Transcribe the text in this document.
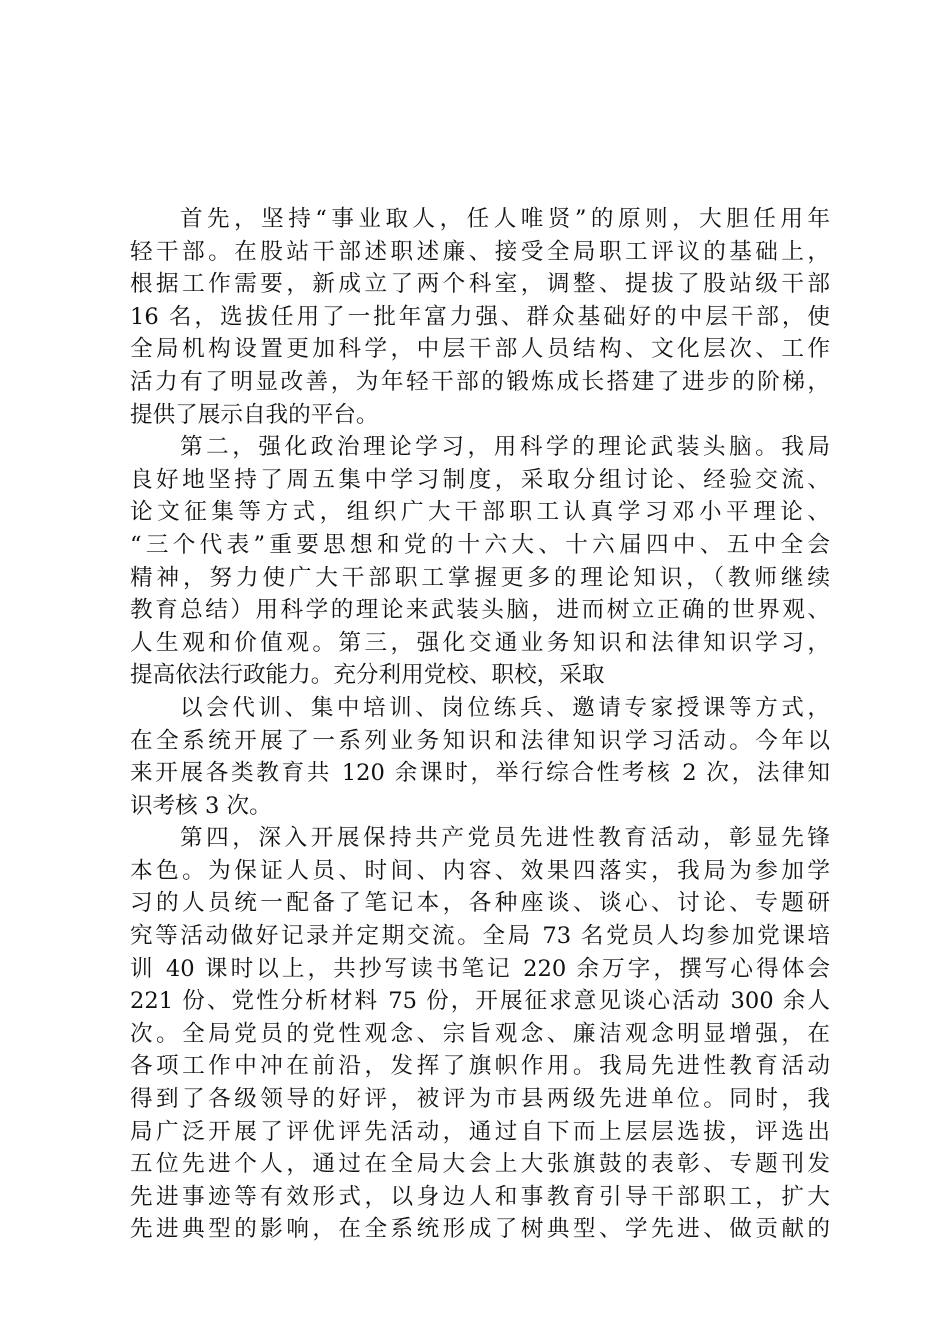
首先，坚持“事业取人，任人唯贤”的原则，大胆任用年
轻干部。在股站干部述职述廉、接受全局职工评议的基础上，
根据工作需要，新成立了两个科室，调整、提拔了股站级干部
16 名，选拔任用了一批年富力强、群众基础好的中层干部，使
全局机构设置更加科学，中层干部人员结构、文化层次、工作
活力有了明显改善，为年轻干部的锻炼成长搭建了进步的阶梯，
提供了展示自我的平台。
第二，强化政治理论学习，用科学的理论武装头脑。我局
良好地坚持了周五集中学习制度，采取分组讨论、经验交流、
论文征集等方式，组织广大干部职工认真学习邓小平理论、
“三个代表”重要思想和党的十六大、十六届四中、五中全会
精神，努力使广大干部职工掌握更多的理论知识，（教师继续
教育总结）用科学的理论来武装头脑，进而树立正确的世界观、
人生观和价值观。第三，强化交通业务知识和法律知识学习，
提高依法行政能力。充分利用党校、职校，采取
以会代训、集中培训、岗位练兵、邀请专家授课等方式，
在全系统开展了一系列业务知识和法律知识学习活动。今年以
来开展各类教育共 120 余课时，举行综合性考核 2 次，法律知
识考核 3 次。
第四，深入开展保持共产党员先进性教育活动，彰显先锋
本色。为保证人员、时间、内容、效果四落实，我局为参加学
习的人员统一配备了笔记本，各种座谈、谈心、讨论、专题研
究等活动做好记录并定期交流。全局 73 名党员人均参加党课培
训 40 课时以上，共抄写读书笔记 220 余万字，撰写心得体会
221 份、党性分析材料 75 份，开展征求意见谈心活动 300 余人
次。全局党员的党性观念、宗旨观念、廉洁观念明显增强，在
各项工作中冲在前沿，发挥了旗帜作用。我局先进性教育活动
得到了各级领导的好评，被评为市县两级先进单位。同时，我
局广泛开展了评优评先活动，通过自下而上层层选拔，评选出
五位先进个人，通过在全局大会上大张旗鼓的表彰、专题刊发
先进事迹等有效形式，以身边人和事教育引导干部职工，扩大
先进典型的影响，在全系统形成了树典型、学先进、做贡献的
